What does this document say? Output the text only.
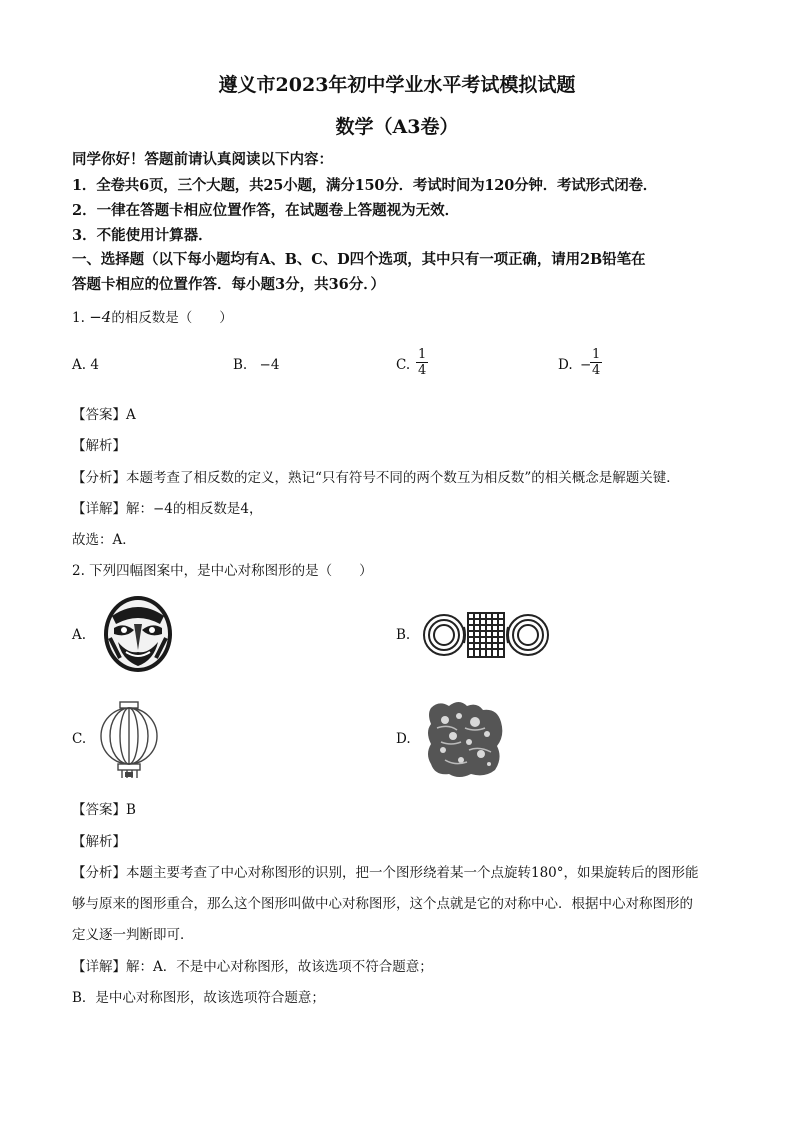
遵义市2023年初中学业水平考试模拟试题
数学（A3卷）
同学你好！答题前请认真阅读以下内容：
1．全卷共6页，三个大题，共25小题，满分150分．考试时间为120分钟．考试形式闭卷．
2．一律在答题卡相应位置作答，在试题卷上答题视为无效．
3．不能使用计算器．
一、选择题（以下每小题均有A、B、C、D四个选项，其中只有一项正确，请用2B铅笔在
答题卡相应的位置作答．每小题3分，共36分．）
1. −4的相反数是（　　）
A. 4	B. −4	C. $\frac{1}{4}$	D. −
$\frac{1}{4}$
【答案】A
【解析】
【分析】本题考查了相反数的定义，熟记“只有符号不同的两个数互为相反数”的相关概念是解题关键．
【详解】解：−4的相反数是4，
故选：A．
2. 下列四幅图案中，是中心对称图形的是（　　）
A.	B.
C.	D.
【答案】B
【解析】
【分析】本题主要考查了中心对称图形的识别，把一个图形绕着某一个点旋转180°，如果旋转后的图形能
够与原来的图形重合，那么这个图形叫做中心对称图形，这个点就是它的对称中心．根据中心对称图形的
定义逐一判断即可．
【详解】解：A．不是中心对称图形，故该选项不符合题意；
B．是中心对称图形，故该选项符合题意；
